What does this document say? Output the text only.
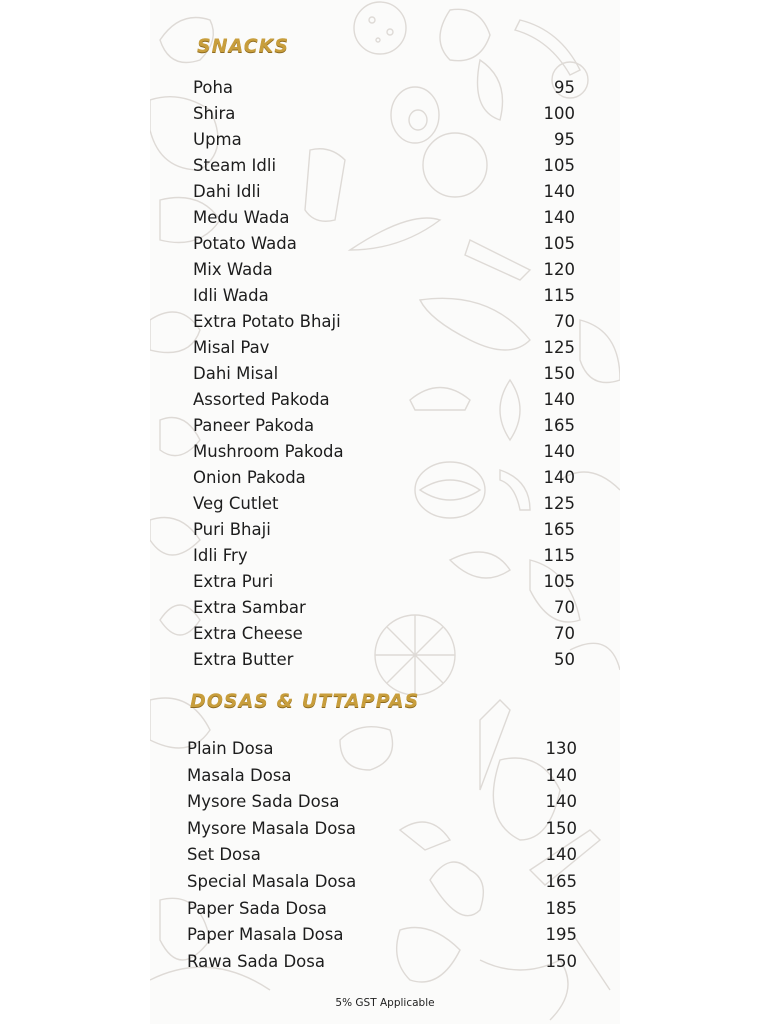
SNACKS
Poha	95
Shira	100
Upma	95
Steam Idli	105
Dahi Idli	140
Medu Wada	140
Potato Wada	105
Mix Wada	120
Idli Wada	115
Extra Potato Bhaji	70
Misal Pav	125
Dahi Misal	150
Assorted Pakoda	140
Paneer Pakoda	165
Mushroom Pakoda	140
Onion Pakoda	140
Veg Cutlet	125
Puri Bhaji	165
Idli Fry	115
Extra Puri	105
Extra Sambar	70
Extra Cheese	70
Extra Butter	50
DOSAS & UTTAPPAS
Plain Dosa	130
Masala Dosa	140
Mysore Sada Dosa	140
Mysore Masala Dosa	150
Set Dosa	140
Special Masala Dosa	165
Paper Sada Dosa	185
Paper Masala Dosa	195
Rawa Sada Dosa	150
5% GST Applicable
